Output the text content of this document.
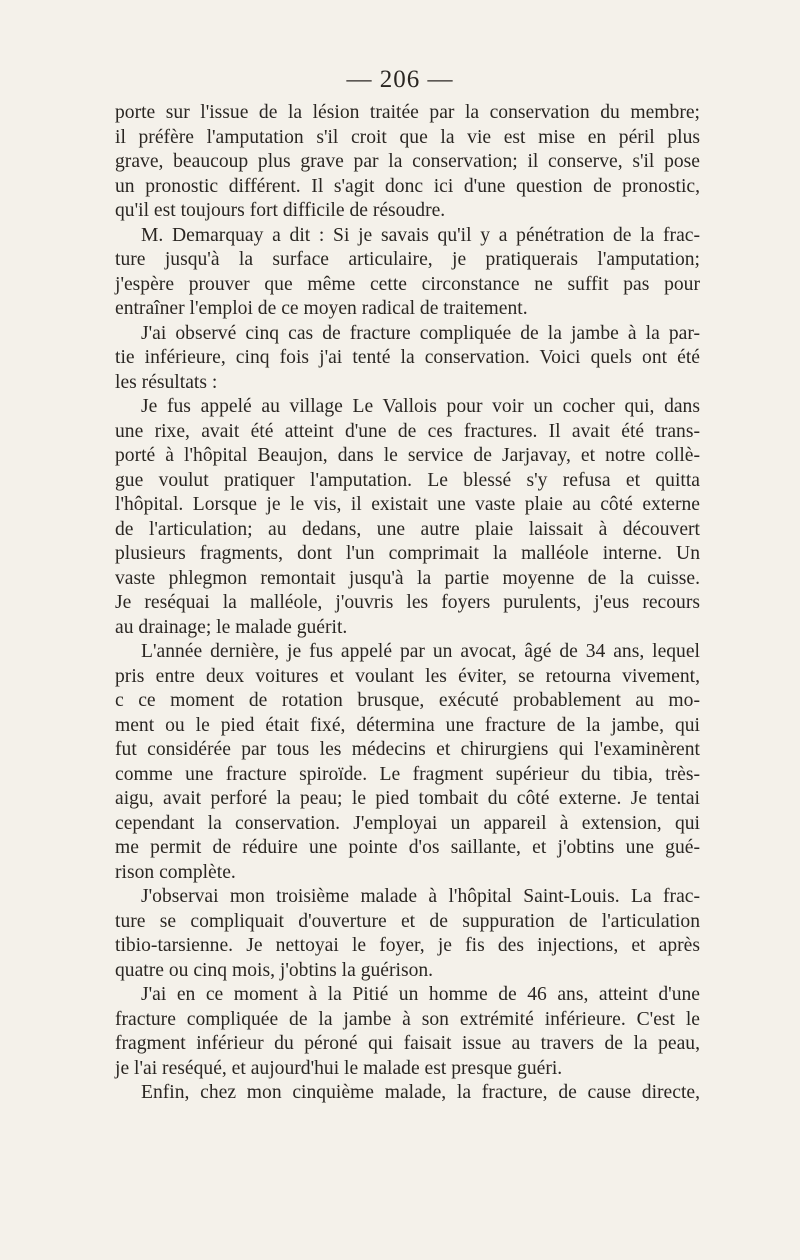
— 206 —
porte sur l'issue de la lésion traitée par la conservation du membre;
il préfère l'amputation s'il croit que la vie est mise en péril plus
grave, beaucoup plus grave par la conservation; il conserve, s'il pose
un pronostic différent. Il s'agit donc ici d'une question de pronostic,
qu'il est toujours fort difficile de résoudre.
M. Demarquay a dit : Si je savais qu'il y a pénétration de la frac-
ture jusqu'à la surface articulaire, je pratiquerais l'amputation;
j'espère prouver que même cette circonstance ne suffit pas pour
entraîner l'emploi de ce moyen radical de traitement.
J'ai observé cinq cas de fracture compliquée de la jambe à la par-
tie inférieure, cinq fois j'ai tenté la conservation. Voici quels ont été
les résultats :
Je fus appelé au village Le Vallois pour voir un cocher qui, dans
une rixe, avait été atteint d'une de ces fractures. Il avait été trans-
porté à l'hôpital Beaujon, dans le service de Jarjavay, et notre collè-
gue voulut pratiquer l'amputation. Le blessé s'y refusa et quitta
l'hôpital. Lorsque je le vis, il existait une vaste plaie au côté externe
de l'articulation; au dedans, une autre plaie laissait à découvert
plusieurs fragments, dont l'un comprimait la malléole interne. Un
vaste phlegmon remontait jusqu'à la partie moyenne de la cuisse.
Je reséquai la malléole, j'ouvris les foyers purulents, j'eus recours
au drainage; le malade guérit.
L'année dernière, je fus appelé par un avocat, âgé de 34 ans, lequel
pris entre deux voitures et voulant les éviter, se retourna vivement,
c ce moment de rotation brusque, exécuté probablement au mo-
ment ou le pied était fixé, détermina une fracture de la jambe, qui
fut considérée par tous les médecins et chirurgiens qui l'examinèrent
comme une fracture spiroïde. Le fragment supérieur du tibia, très-
aigu, avait perforé la peau; le pied tombait du côté externe. Je tentai
cependant la conservation. J'employai un appareil à extension, qui
me permit de réduire une pointe d'os saillante, et j'obtins une gué-
rison complète.
J'observai mon troisième malade à l'hôpital Saint-Louis. La frac-
ture se compliquait d'ouverture et de suppuration de l'articulation
tibio-tarsienne. Je nettoyai le foyer, je fis des injections, et après
quatre ou cinq mois, j'obtins la guérison.
J'ai en ce moment à la Pitié un homme de 46 ans, atteint d'une
fracture compliquée de la jambe à son extrémité inférieure. C'est le
fragment inférieur du péroné qui faisait issue au travers de la peau,
je l'ai reséqué, et aujourd'hui le malade est presque guéri.
Enfin, chez mon cinquième malade, la fracture, de cause directe,
